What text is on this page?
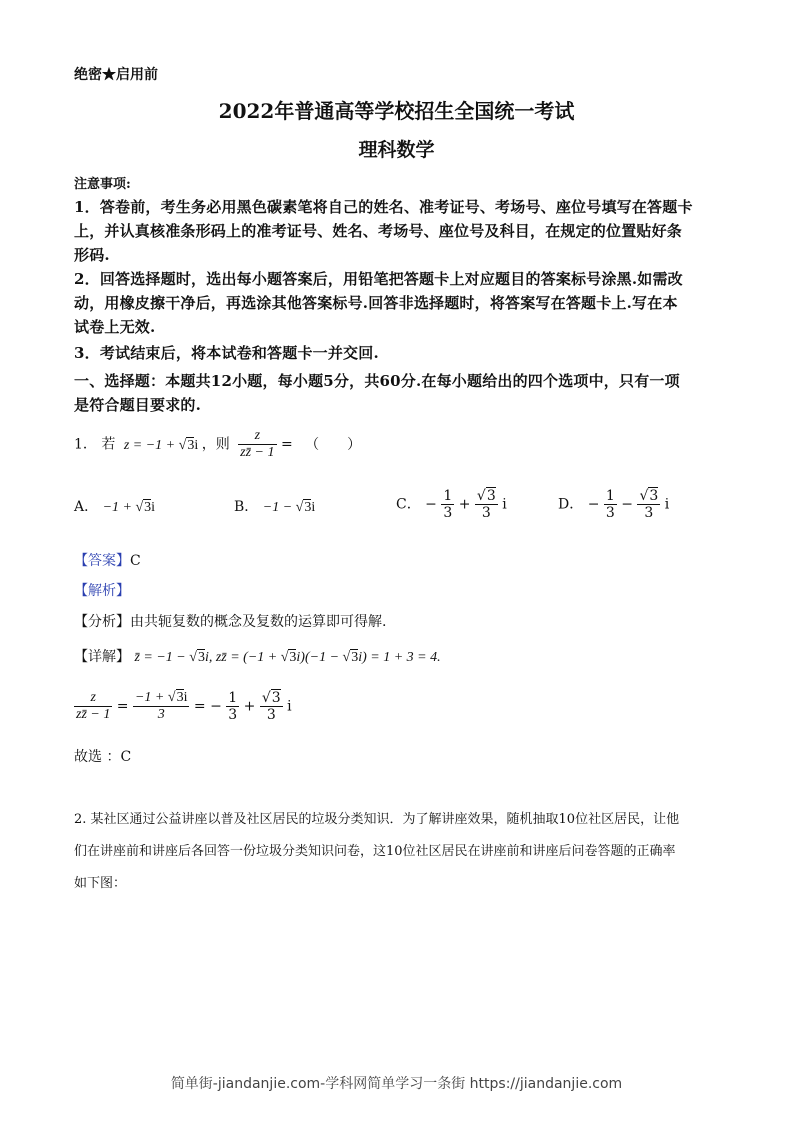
绝密★启用前
2022年普通高等学校招生全国统一考试
理科数学
注意事项:
1．答卷前，考生务必用黑色碳素笔将自己的姓名、准考证号、考场号、座位号填写在答题卡
上，并认真核准条形码上的准考证号、姓名、考场号、座位号及科目，在规定的位置贴好条
形码.
2．回答选择题时，选出每小题答案后，用铅笔把答题卡上对应题目的答案标号涂黑.如需改
动，用橡皮擦干净后，再选涂其他答案标号.回答非选择题时，将答案写在答题卡上.写在本
试卷上无效.
3．考试结束后，将本试卷和答题卡一并交回.
一、选择题：本题共12小题，每小题5分，共60分.在每小题给出的四个选项中，只有一项
是符合题目要求的.
1． 若 z = −1 + √3i ，则 $\frac{z}{zz̄ - 1}$ = （　　）
A． −1 + √3i	B． −1 − √3i	C． − $\frac{1}{3} + \frac{√3}{3}$ i	D． − $\frac{1}{3} - \frac{√3}{3}$ i
【答案】C
【解析】
【分析】由共轭复数的概念及复数的运算即可得解.
【详解】 z̄ = −1 − √3i, zz̄ = (−1 + √3i)(−1 − √3i) = 1 + 3 = 4.
$\frac{z}{zz̄ - 1} = \frac{-1 + √3i}{3}$ = − $\frac{1}{3} + \frac{√3}{3}$ i
故选 ：C
2. 某社区通过公益讲座以普及社区居民的垃圾分类知识．为了解讲座效果，随机抽取10位社区居民，让他
们在讲座前和讲座后各回答一份垃圾分类知识问卷，这10位社区居民在讲座前和讲座后问卷答题的正确率
如下图：
简单街-jiandanjie.com-学科网简单学习一条街 https://jiandanjie.com
